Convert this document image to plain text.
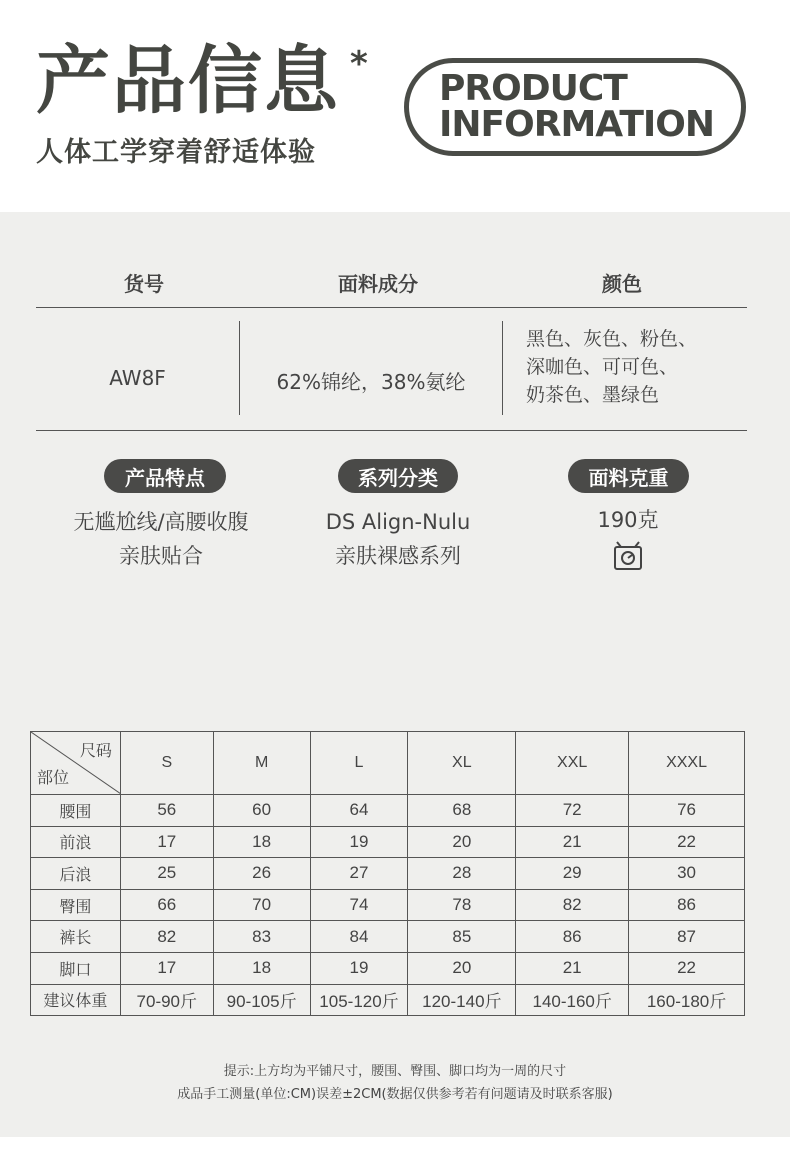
产品信息 *
人体工学穿着舒适体验
PRODUCT
INFORMATION
货号	面料成分	颜色
AW8F	62%锦纶，38%氨纶
黑色、灰色、粉色、
深咖色、可可色、
奶茶色、墨绿色
产品特点	系列分类	面料克重
无尴尬线/高腰收腹
亲肤贴合
DS Align-Nulu
亲肤裸感系列
190克
尺码
部位	S	M	L	XL	XXL	XXXL
腰围	56	60	64	68	72	76
前浪	17	18	19	20	21	22
后浪	25	26	27	28	29	30
臀围	66	70	74	78	82	86
裤长	82	83	84	85	86	87
脚口	17	18	19	20	21	22
建议体重	70-90斤	90-105斤	105-120斤	120-140斤	140-160斤	160-180斤
提示:上方均为平铺尺寸，腰围、臀围、脚口均为一周的尺寸
成品手工测量(单位:CM)误差±2CM(数据仅供参考若有问题请及时联系客服)
